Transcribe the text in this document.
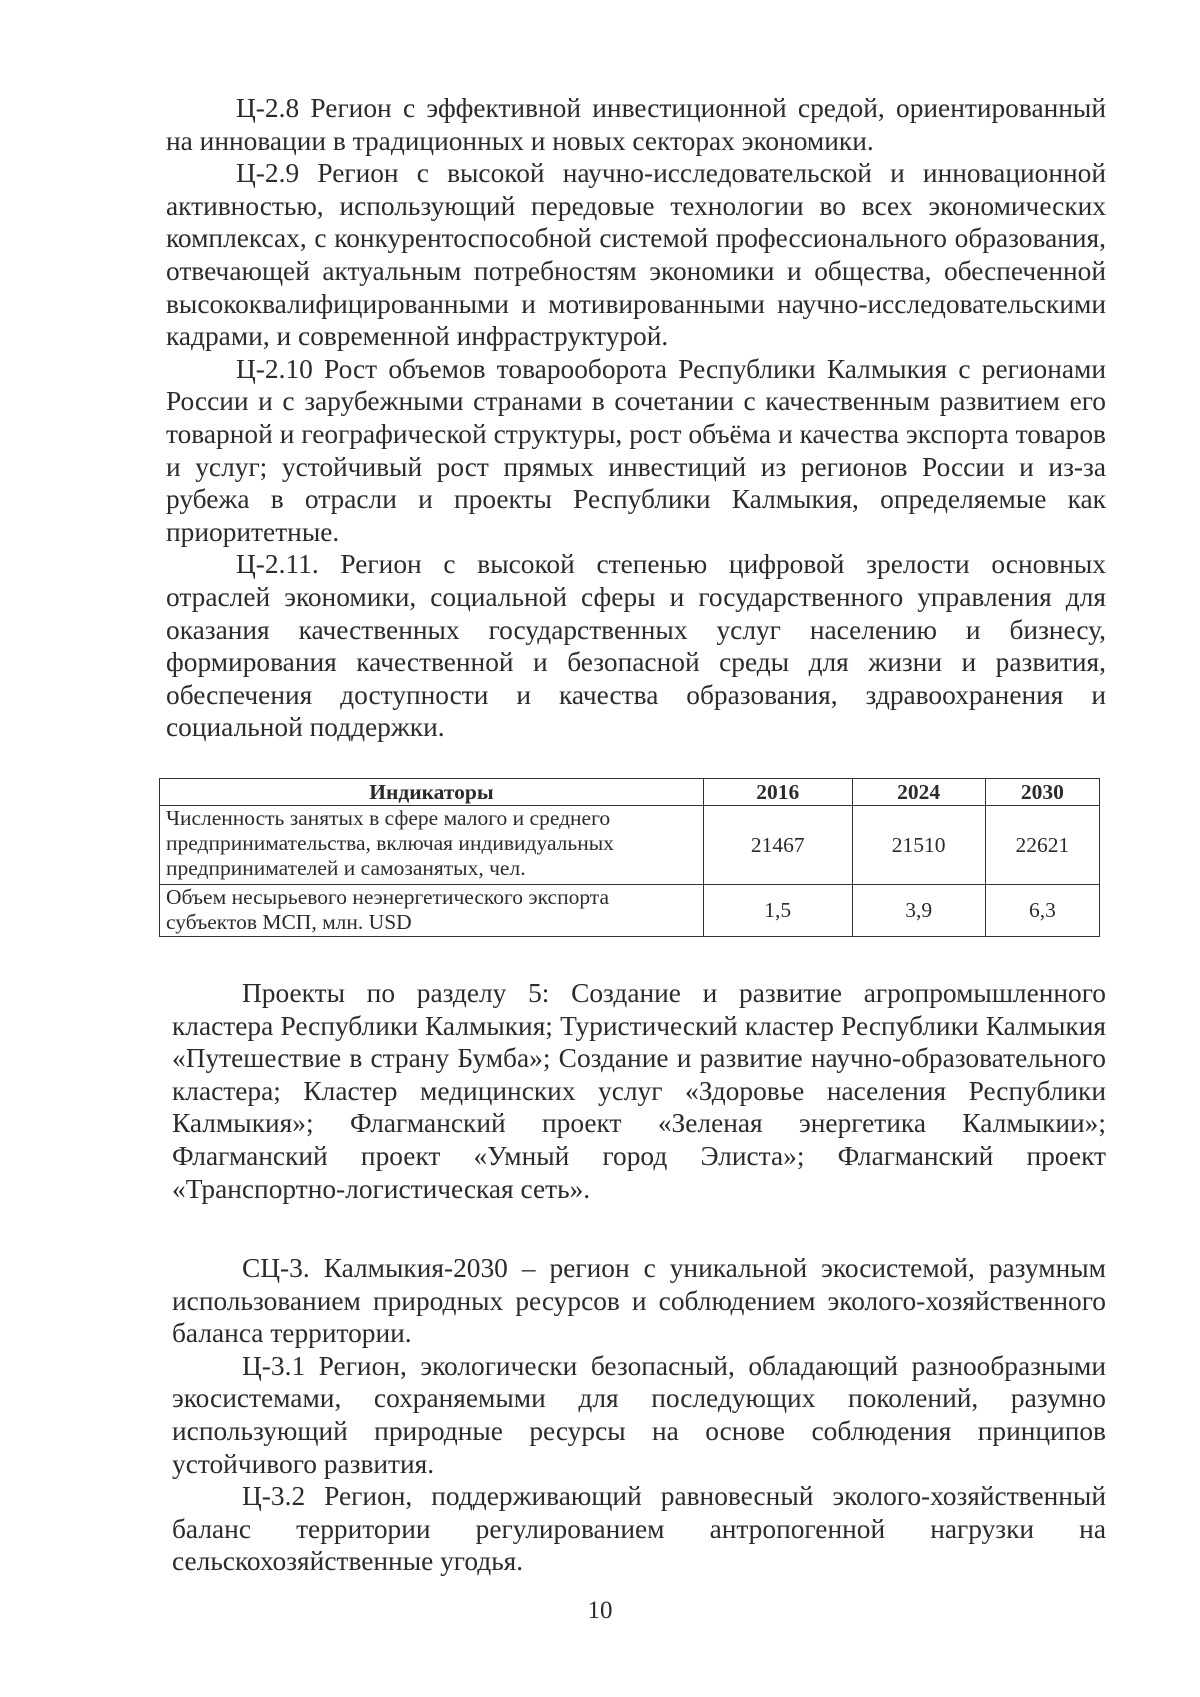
Ц-2.8 Регион с эффективной инвестиционной средой, ориентированный на инновации в традиционных и новых секторах экономики.

Ц-2.9 Регион с высокой научно-исследовательской и инновационной активностью, использующий передовые технологии во всех экономических комплексах, с конкурентоспособной системой профессионального образования, отвечающей актуальным потребностям экономики и общества, обеспеченной высококвалифицированными и мотивированными научно-исследовательскими кадрами, и современной инфраструктурой.

Ц-2.10 Рост объемов товарооборота Республики Калмыкия с регионами России и с зарубежными странами в сочетании с качественным развитием его товарной и географической структуры, рост объёма и качества экспорта товаров и услуг; устойчивый рост прямых инвестиций из регионов России и из-за рубежа в отрасли и проекты Республики Калмыкия, определяемые как приоритетные.

Ц-2.11. Регион с высокой степенью цифровой зрелости основных отраслей экономики, социальной сферы и государственного управления для оказания качественных государственных услуг населению и бизнесу, формирования качественной и безопасной среды для жизни и развития, обеспечения доступности и качества образования, здравоохранения и социальной поддержки.

Индикаторы	2016	2024	2030
Численность занятых в сфере малого и среднего предпринимательства, включая индивидуальных предпринимателей и самозанятых, чел.	21467	21510	22621
Объем несырьевого неэнергетического экспорта субъектов МСП, млн. USD	1,5	3,9	6,3

Проекты по разделу 5: Создание и развитие агропромышленного кластера Республики Калмыкия; Туристический кластер Республики Калмыкия «Путешествие в страну Бумба»; Создание и развитие научно-образовательного кластера; Кластер медицинских услуг «Здоровье населения Республики Калмыкия»; Флагманский проект «Зеленая энергетика Калмыкии»; Флагманский проект «Умный город Элиста»; Флагманский проект «Транспортно-логистическая сеть».

СЦ-3. Калмыкия-2030 – регион с уникальной экосистемой, разумным использованием природных ресурсов и соблюдением эколого-хозяйственного баланса территории.

Ц-3.1 Регион, экологически безопасный, обладающий разнообразными экосистемами, сохраняемыми для последующих поколений, разумно использующий природные ресурсы на основе соблюдения принципов устойчивого развития.

Ц-3.2 Регион, поддерживающий равновесный эколого-хозяйственный баланс территории регулированием антропогенной нагрузки на сельскохозяйственные угодья.

10
